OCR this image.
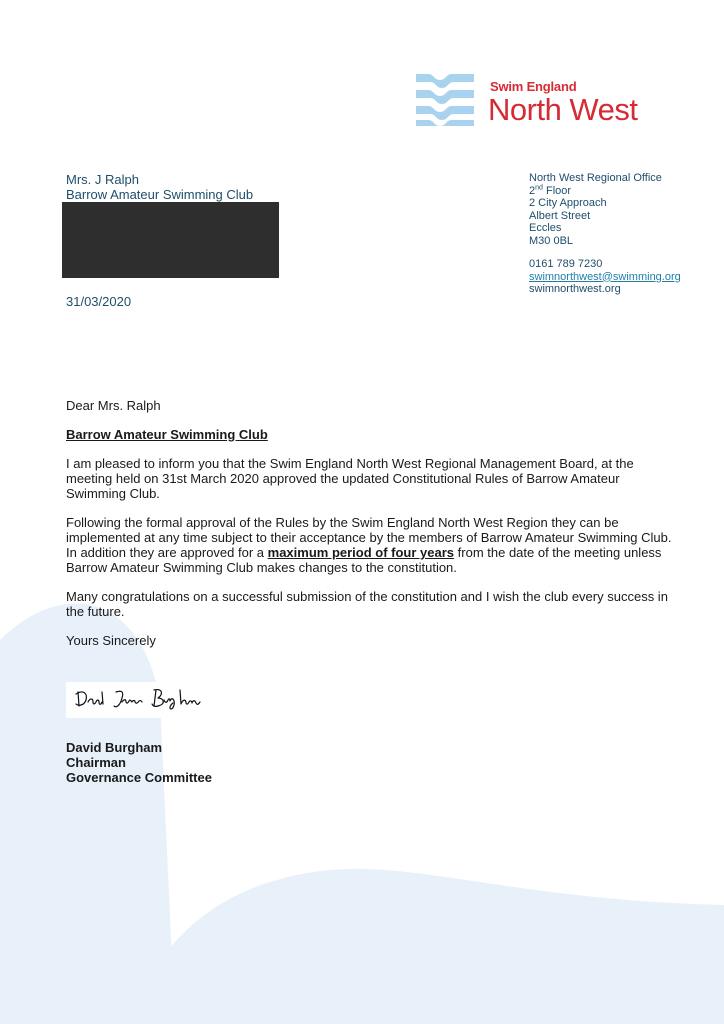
Swim England
North West
Mrs. J Ralph
Barrow Amateur Swimming Club
31/03/2020
North West Regional Office
2nd Floor
2 City Approach
Albert Street
Eccles
M30 0BL
0161 789 7230
swimnorthwest@swimming.org
swimnorthwest.org

Dear Mrs. Ralph

Barrow Amateur Swimming Club

I am pleased to inform you that the Swim England North West Regional Management Board, at the meeting held on 31st March 2020 approved the updated Constitutional Rules of Barrow Amateur Swimming Club.

Following the formal approval of the Rules by the Swim England North West Region they can be implemented at any time subject to their acceptance by the members of Barrow Amateur Swimming Club. In addition they are approved for a maximum period of four years from the date of the meeting unless Barrow Amateur Swimming Club makes changes to the constitution.

Many congratulations on a successful submission of the constitution and I wish the club every success in the future.

Yours Sincerely

David Burgham
Chairman
Governance Committee
